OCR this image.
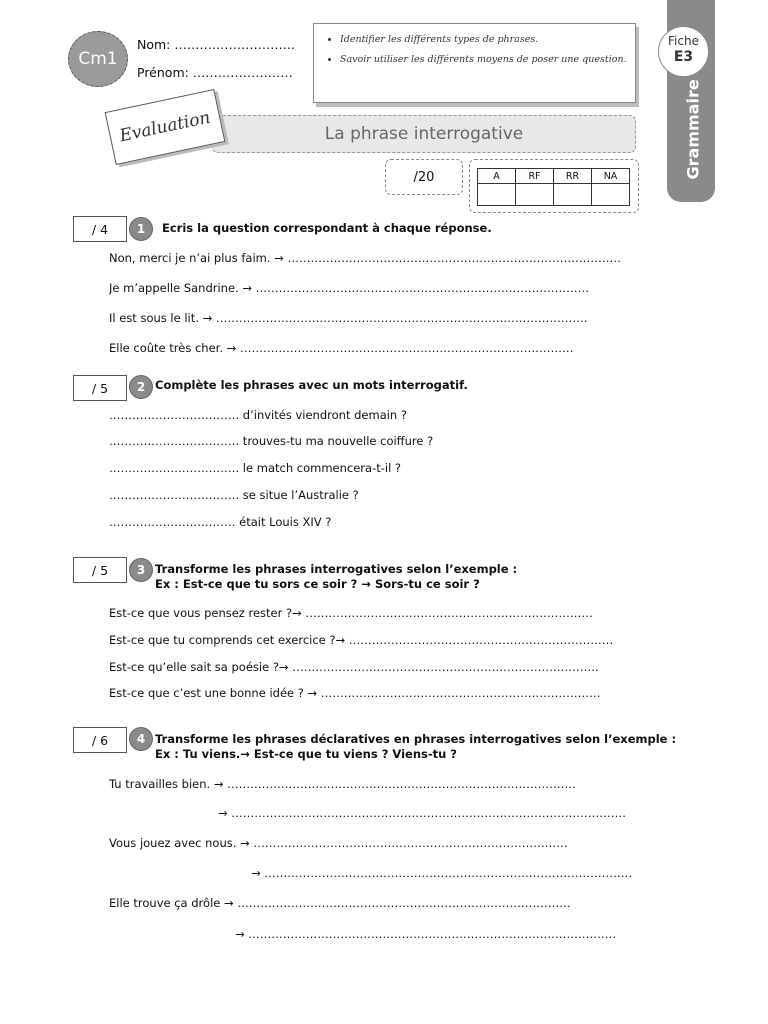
Cm1
Nom: ………………………..
Prénom: ……………………
• Identifier les différents types de phrases.
• Savoir utiliser les différents moyens de poser une question.
Grammaire
Fiche
E3
La phrase interrogative
Evaluation
/20	A	RF	RR	NA

/ 4	1	Ecris la question correspondant à chaque réponse.
Non, merci je n’ai plus faim. → ……………………………………………………………………………
Je m’appelle Sandrine. → ……………………………………………………………………………
Il est sous le lit. → …………………………………………………………………………………….
Elle coûte très cher. → ……………………………………………………………………………
/ 5	2 Complète les phrases avec un mots interrogatif.
……………………………. d’invités viendront demain ?
……………………………. trouves-tu ma nouvelle coiffure ?
……………………………. le match commencera-t-il ?
……………………………. se situe l’Australie ?
…………………………… était Louis XIV ?
/ 5	3 Transforme les phrases interrogatives selon l’exemple :
Ex : Est-ce que tu sors ce soir ? → Sors-tu ce soir ?
Est-ce que vous pensez rester ?→ …………………………………………………………………
Est-ce que tu comprends cet exercice ?→ ……………………………………………………………
Est-ce qu’elle sait sa poésie ?→ ……………………………………………………………………..
Est-ce que c’est une bonne idée ? → ……………………………………………………………….
/ 6	4 Transforme les phrases déclaratives en phrases interrogatives selon l’exemple :
Ex : Tu viens.→ Est-ce que tu viens ? Viens-tu ?
Tu travailles bien. → ……………………………………………………………………………….
→ ………………………………………………………………………………………….
Vous jouez avec nous. → ……………………………………………………………………….
→ ……………………………………………………………………………………
Elle trouve ça drôle → ……………………………………………………………………………
→ ……………………………………………………………………………………
